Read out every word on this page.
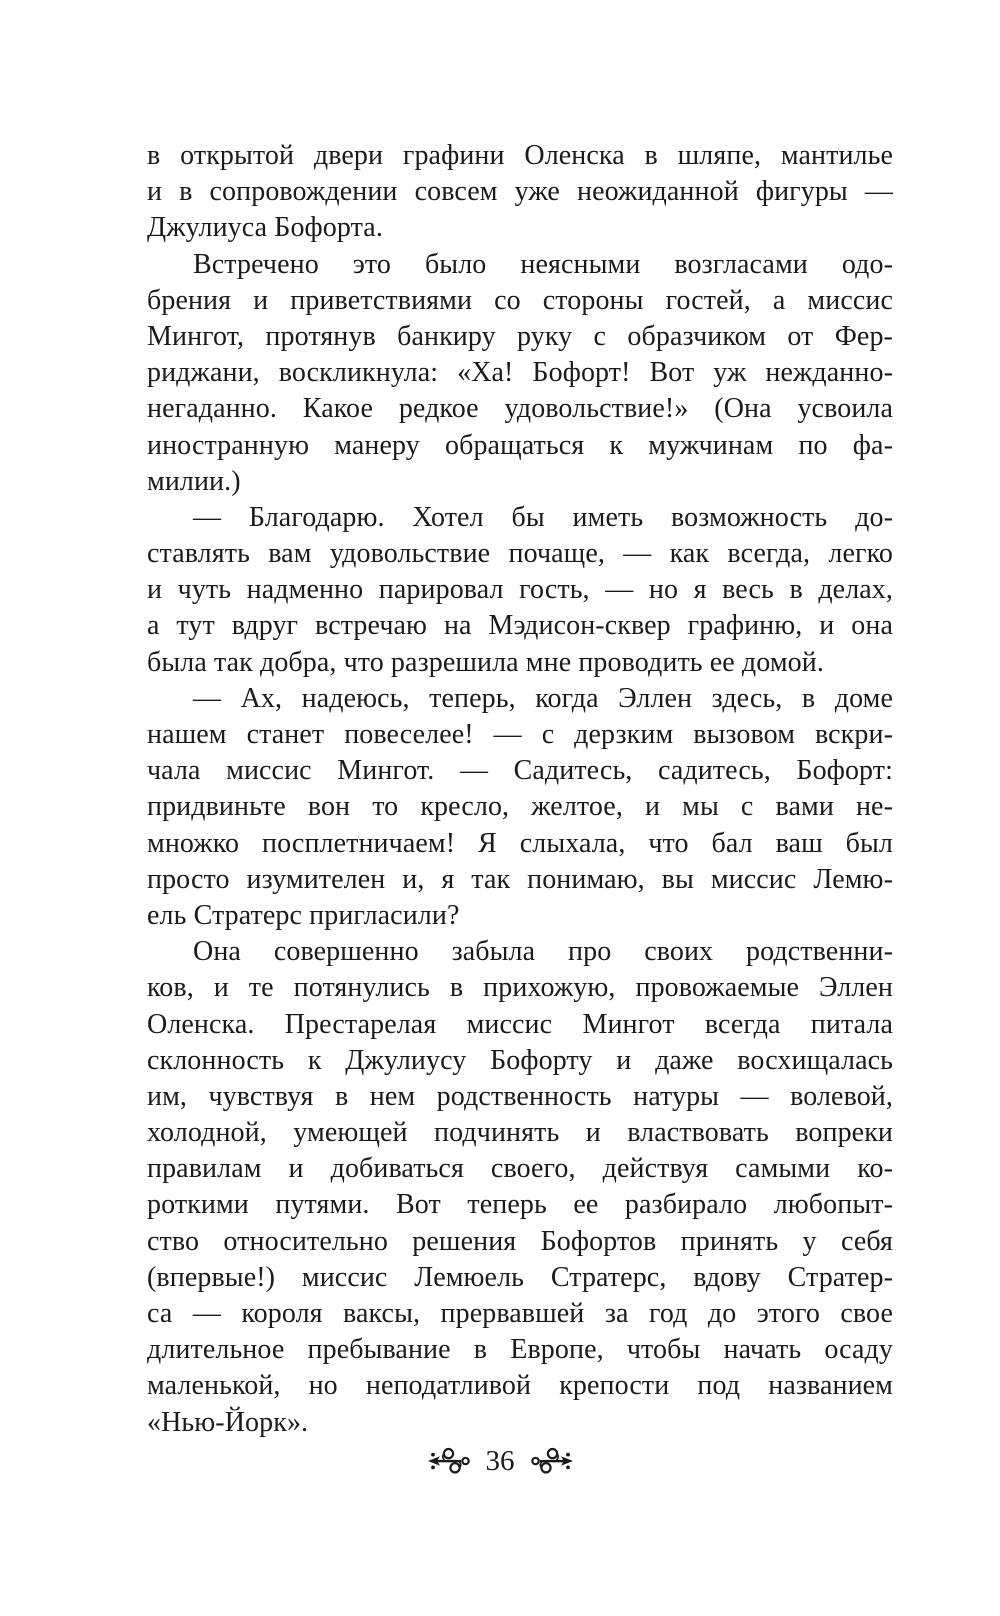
в открытой двери графини Оленска в шляпе, мантилье
и в сопровождении совсем уже неожиданной фигуры —
Джулиуса Бофорта.
Встречено это было неясными возгласами одо-
брения и приветствиями со стороны гостей, а миссис
Мингот, протянув банкиру руку с образчиком от Фер-
риджани, воскликнула: «Ха! Бофорт! Вот уж нежданно-
негаданно. Какое редкое удовольствие!» (Она усвоила
иностранную манеру обращаться к мужчинам по фа-
милии.)
— Благодарю. Хотел бы иметь возможность до-
ставлять вам удовольствие почаще, — как всегда, легко
и чуть надменно парировал гость, — но я весь в делах,
а тут вдруг встречаю на Мэдисон-сквер графиню, и она
была так добра, что разрешила мне проводить ее домой.
— Ах, надеюсь, теперь, когда Эллен здесь, в доме
нашем станет повеселее! — с дерзким вызовом вскри-
чала миссис Мингот. — Садитесь, садитесь, Бофорт:
придвиньте вон то кресло, желтое, и мы с вами не-
множко посплетничаем! Я слыхала, что бал ваш был
просто изумителен и, я так понимаю, вы миссис Лемю-
ель Стратерс пригласили?
Она совершенно забыла про своих родственни-
ков, и те потянулись в прихожую, провожаемые Эллен
Оленска. Престарелая миссис Мингот всегда питала
склонность к Джулиусу Бофорту и даже восхищалась
им, чувствуя в нем родственность натуры — волевой,
холодной, умеющей подчинять и властвовать вопреки
правилам и добиваться своего, действуя самыми ко-
роткими путями. Вот теперь ее разбирало любопыт-
ство относительно решения Бофортов принять у себя
(впервые!) миссис Лемюель Стратерс, вдову Стратер-
са — короля ваксы, прервавшей за год до этого свое
длительное пребывание в Европе, чтобы начать осаду
маленькой, но неподатливой крепости под названием
«Нью-Йорк».
36
